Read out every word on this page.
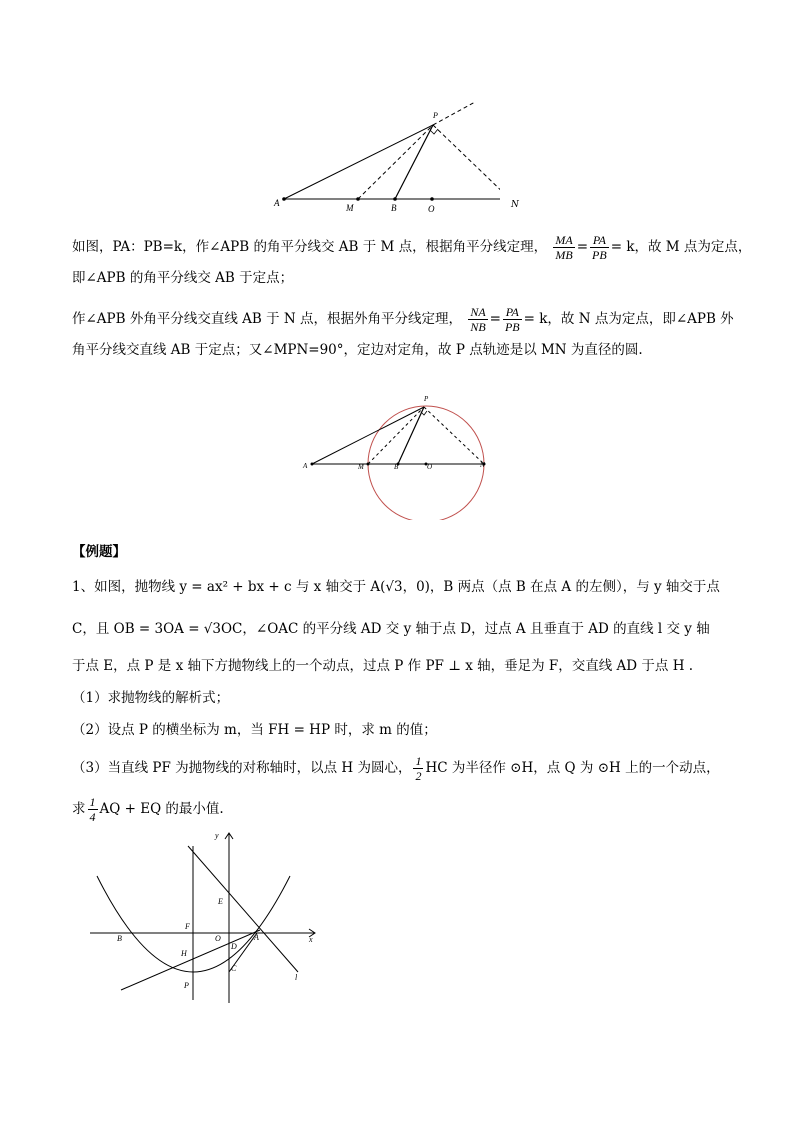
A	M	B	O
P
N
如图，PA：PB=k，作∠APB 的角平分线交 AB 于 M 点，根据角平分线定理， $\frac{MA}{MB} = \frac{PA}{PB} = k$，故 M 点为定点，
即∠APB 的角平分线交 AB 于定点；
作∠APB 外角平分线交直线 AB 于 N 点，根据外角平分线定理， $\frac{NA}{NB} = \frac{PA}{PB} = k$，故 N 点为定点，即∠APB 外
角平分线交直线 AB 于定点；又∠MPN=90°，定边对定角，故 P 点轨迹是以 MN 为直径的圆.
A	M	B	O	N
P
【例题】
1、如图，抛物线 y = ax² + bx + c 与 x 轴交于 A(√3，0)，B 两点（点 B 在点 A 的左侧），与 y 轴交于点
C，且 OB = 3OA = √3OC，∠OAC 的平分线 AD 交 y 轴于点 D，过点 A 且垂直于 AD 的直线 l 交 y 轴
于点 E，点 P 是 x 轴下方抛物线上的一个动点，过点 P 作 PF ⊥ x 轴，垂足为 F，交直线 AD 于点 H .
（1）求抛物线的解析式；
（2）设点 P 的横坐标为 m，当 FH = HP 时，求 m 的值；
（3）当直线 PF 为抛物线的对称轴时，以点 H 为圆心， $\frac{1}{2}$ HC 为半径作 ⊙H，点 Q 为 ⊙H 上的一个动点，
求 $\frac{1}{4}$ AQ + EQ 的最小值.
y
x
E
F
B	O	A
D
H
C
P
l
